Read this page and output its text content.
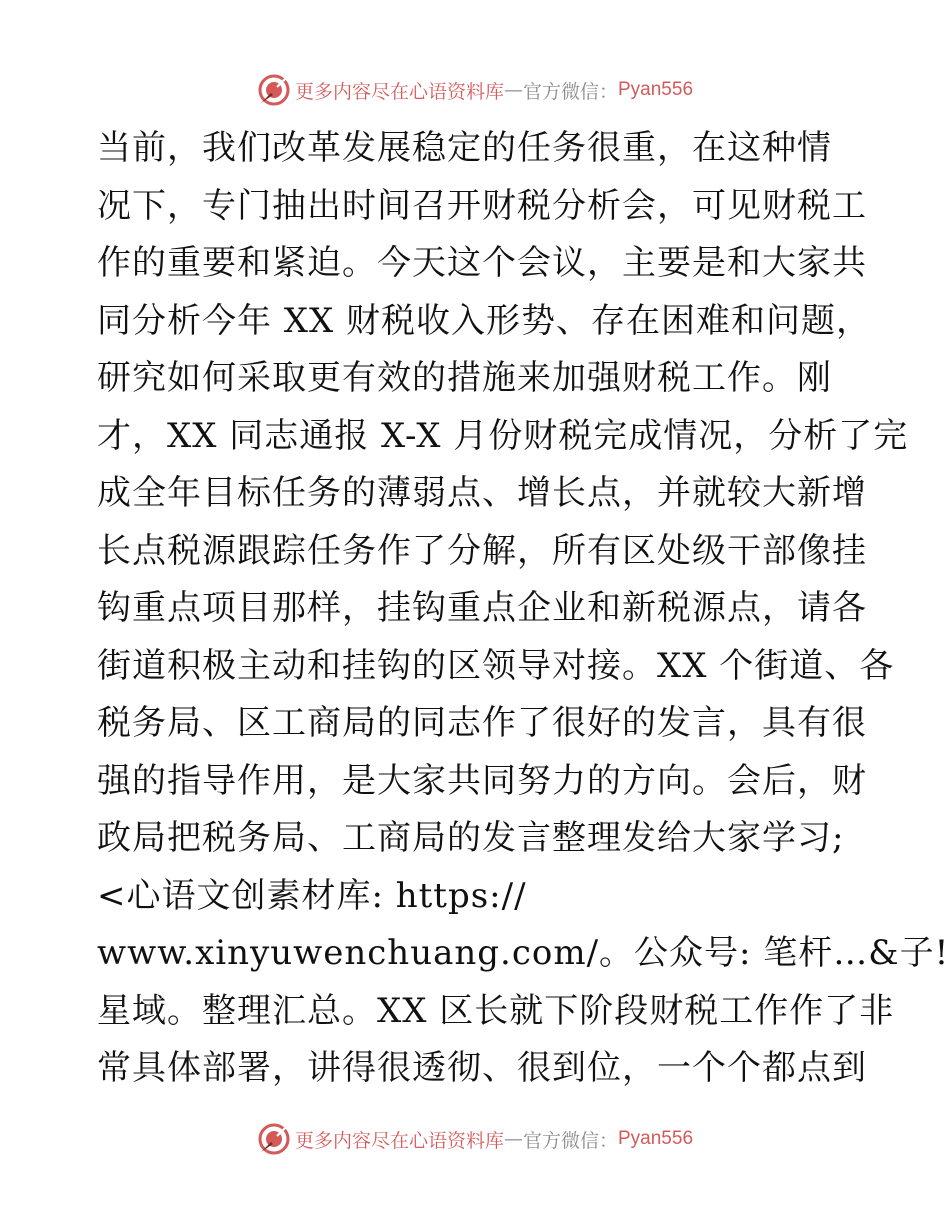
更多内容尽在心语资料库 — 官方微信： Pyan556
当前，我们改革发展稳定的任务很重，在这种情
况下，专门抽出时间召开财税分析会，可见财税工
作的重要和紧迫。今天这个会议，主要是和大家共
同分析今年 XX 财税收入形势、存在困难和问题，
研究如何采取更有效的措施来加强财税工作。刚
才，XX 同志通报 X-X 月份财税完成情况，分析了完
成全年目标任务的薄弱点、增长点，并就较大新增
长点税源跟踪任务作了分解，所有区处级干部像挂
钩重点项目那样，挂钩重点企业和新税源点，请各
街道积极主动和挂钩的区领导对接。XX 个街道、各
税务局、区工商局的同志作了很好的发言，具有很
强的指导作用，是大家共同努力的方向。会后，财
政局把税务局、工商局的发言整理发给大家学习;
<心语文创素材库: https://
www.xinyuwenchuang.com/。公众号: 笔杆…&子!
星域。整理汇总。XX 区长就下阶段财税工作作了非
常具体部署，讲得很透彻、很到位，一个个都点到
更多内容尽在心语资料库 — 官方微信： Pyan556
